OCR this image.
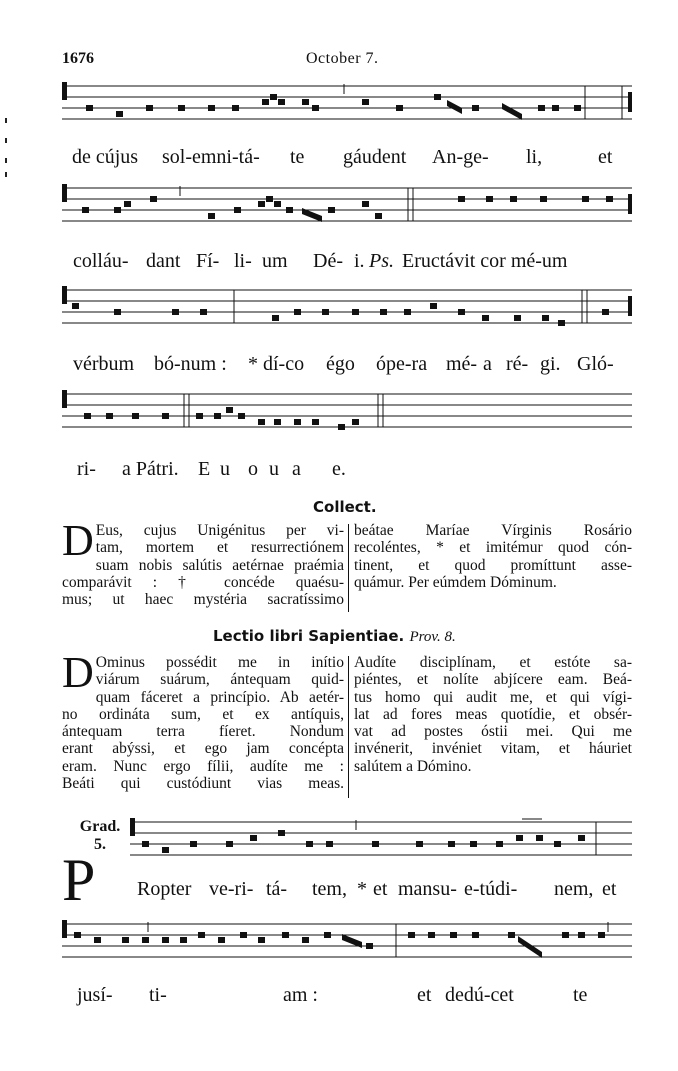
1676	October 7.
de cújus sol-emni-tá- te gáudent An-ge- li,	et
colláu- dant Fí- li- um Dé- i. Ps. Eructávit cor mé-um
vérbum bó-num : * dí-co égo ópe-ra mé- a ré- gi. Gló-
ri- a Pátri. E u o u a e.
Collect.
D Eus, cujus Unigénitus per vi-
tam, mortem et resurrectiónem
suam nobis salútis aetérnae praémia
comparávit : † concéde quaésu-
mus; ut haec mystéria sacratíssimo
beátae Maríae Vírginis Rosário
recoléntes, * et imitémur quod cón-
tinent, et quod promíttunt asse-
quámur. Per eúmdem Dóminum.
Lectio libri Sapientiae. Prov. 8.
D Ominus possédit me in inítio
viárum suárum, ántequam quid-
quam fáceret a princípio. Ab aetér-
no ordináta sum, et ex antíquis,
ántequam terra fíeret. Nondum
erant abýssi, et ego jam concépta
eram. Nunc ergo fílii, audíte me :
Beáti qui custódiunt vias meas.
Audíte disciplínam, et estóte sa-
piéntes, et nolíte abjícere eam. Beá-
tus homo qui audit me, et qui vígi-
lat ad fores meas quotídie, et obsér-
vat ad postes óstii mei. Qui me
invénerit, invéniet vitam, et háuriet
salútem a Dómino.
Grad.
5.
P Ropter ve-ri- tá- tem, * et mansu- e-túdi- nem, et
jusí- ti-	am :	et dedú-cet	te
